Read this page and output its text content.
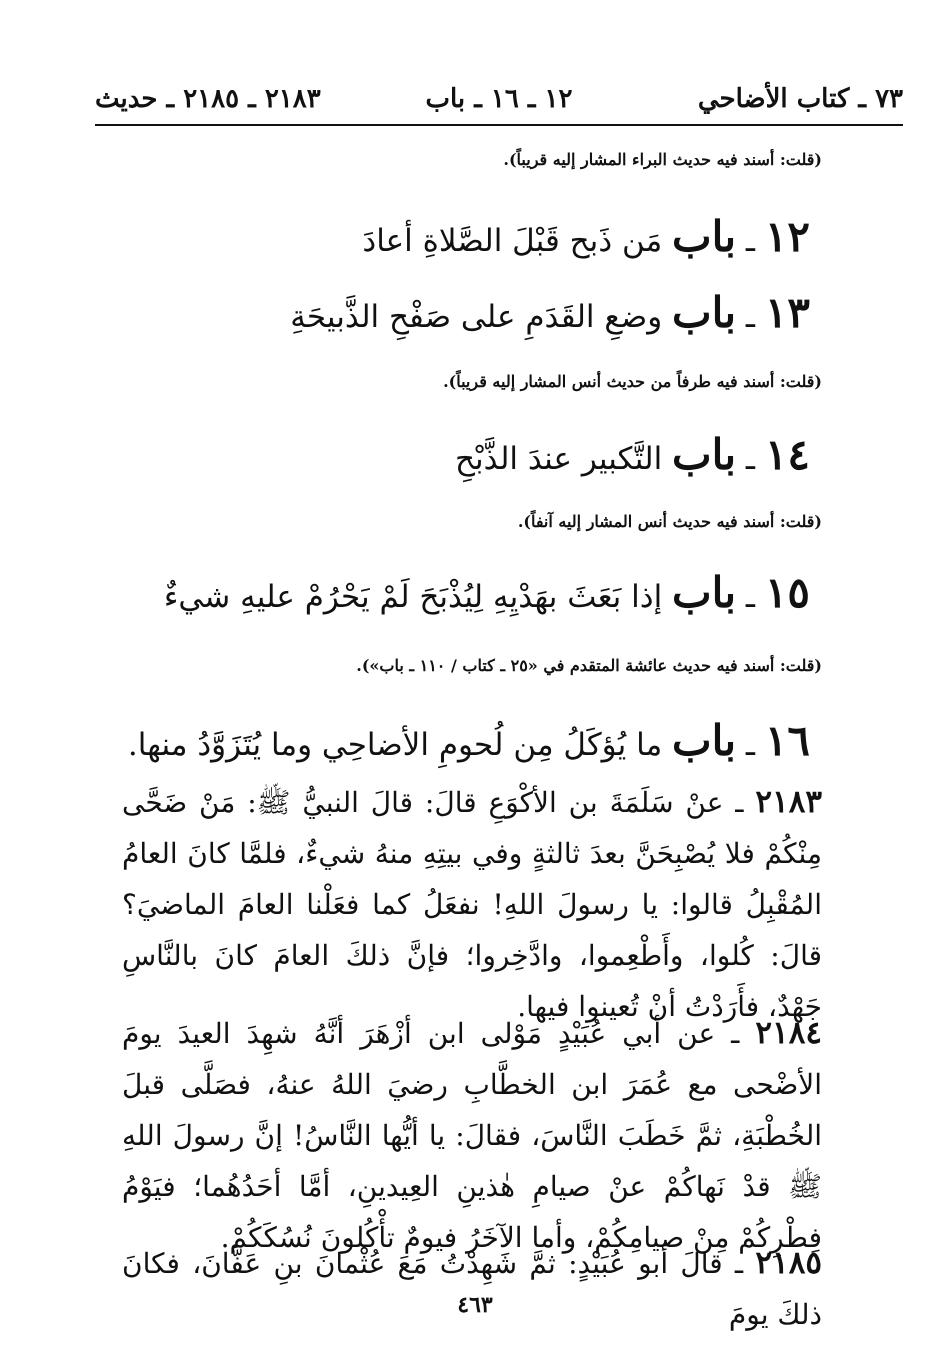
٧٣ ـ كتاب الأضاحي
١٢ ـ ١٦ ـ باب
٢١٨٣ ـ ٢١٨٥ ـ حديث
(قلت: أسند فيه حديث البراء المشار إليه قريباً).
١٢ ـ باب مَن ذَبح قَبْلَ الصَّلاةِ أعادَ
١٣ ـ باب وضعِ القَدَمِ على صَفْحِ الذَّبيحَةِ
(قلت: أسند فيه طرفاً من حديث أنس المشار إليه قريباً).
١٤ ـ باب التَّكبير عندَ الذَّبْحِ
(قلت: أسند فيه حديث أنس المشار إليه آنفاً).
١٥ ـ باب إذا بَعَثَ بهَدْيِهِ لِيُذْبَحَ لَمْ يَحْرُمْ عليهِ شيءٌ
(قلت: أسند فيه حديث عائشة المتقدم في «٢٥ ـ كتاب / ١١٠ ـ باب»).
١٦ ـ باب ما يُؤكَلُ مِن لُحومِ الأضاحِي وما يُتَزَوَّدُ منها.
٢١٨٣ ـ عنْ سَلَمَةَ بن الأكْوَعِ قالَ: قالَ النبيُّ ﷺ: مَنْ ضَحَّى مِنْكُمْ فلا يُصْبِحَنَّ بعدَ ثالثةٍ وفي بيتِهِ منهُ شيءٌ، فلمَّا كانَ العامُ المُقْبِلُ قالوا: يا رسولَ اللهِ! نفعَلُ كما فعَلْنا العامَ الماضيَ؟ قالَ: كُلوا، وأَطْعِموا، وادَّخِروا؛ فإنَّ ذلكَ العامَ كانَ بالنَّاسِ جَهْدٌ، فأَرَدْتُ أنْ تُعينوا فيها.
٢١٨٤ ـ عن أبي عُبَيْدٍ مَوْلى ابن أزْهَرَ أنَّهُ شهِدَ العيدَ يومَ الأضْحى مع عُمَرَ ابن الخطَّابِ رضيَ اللهُ عنهُ، فصَلَّى قبلَ الخُطْبَةِ، ثمَّ خَطَبَ النَّاسَ، فقالَ: يا أيُّها النَّاسُ! إنَّ رسولَ اللهِ ﷺ قدْ نَهاكُمْ عنْ صيامِ هٰذينِ العِيدينِ، أمَّا أحَدُهُما؛ فيَوْمُ فِطْرِكُمْ مِنْ صيامِكُمْ، وأما الآخَرُ فيومٌ تأْكُلونَ نُسُكَكُمْ.
٢١٨٥ ـ قالَ أبو عُبَيْدٍ: ثمَّ شَهِدْتُ مَعَ عُثْمانَ بنِ عَفَّانَ، فكانَ ذلكَ يومَ
٤٦٣
